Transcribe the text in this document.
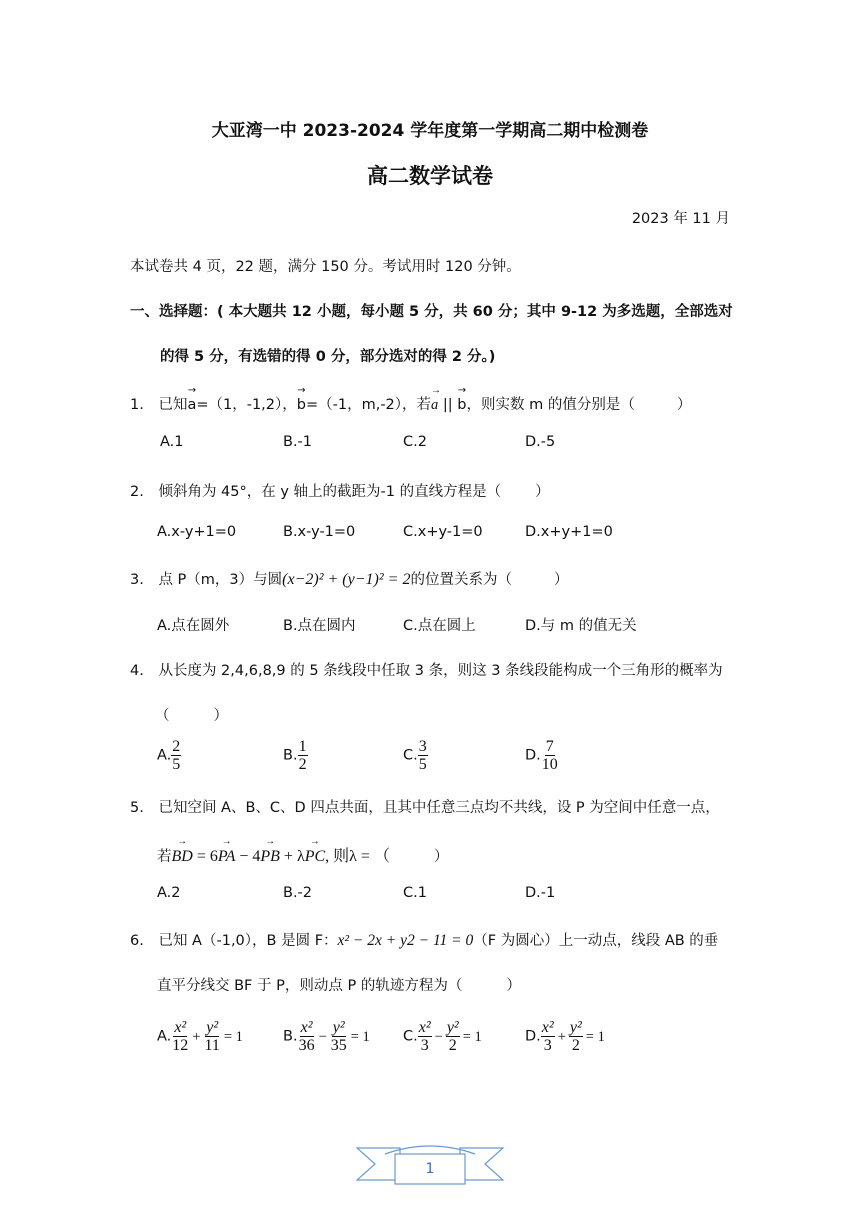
大亚湾一中 2023-2024 学年度第一学期高二期中检测卷
高二数学试卷
2023 年 11 月
本试卷共 4 页，22 题，满分 150 分。考试用时 120 分钟。
一、选择题：( 本大题共 12 小题，每小题 5 分，共 60 分；其中 9-12 为多选题，全部选对
的得 5 分，有选错的得 0 分，部分选对的得 2 分。)
1. 已知→ a=（1，-1,2），→ b=（-1，m,-2），若→ a || → b，则实数 m 的值分别是（	）
A.1	B.-1	C.2	D.-5
2. 倾斜角为 45°，在 y 轴上的截距为-1 的直线方程是（ ）
A.x-y+1=0	B.x-y-1=0	C.x+y-1=0	D.x+y+1=0
3. 点 P（m，3）与圆(x−2)² + (y−1)² = 2的位置关系为（	）
A.点在圆外	B.点在圆内	C.点在圆上	D.与 m 的值无关
4. 从长度为 2,4,6,8,9 的 5 条线段中任取 3 条，则这 3 条线段能构成一个三角形的概率为
（	）
A. $\frac{2}{5}$	B. $\frac{1}{2}$	C. $\frac{3}{5}$	D. $\frac{7}{10}$
5. 已知空间 A、B、C、D 四点共面，且其中任意三点均不共线，设 P 为空间中任意一点，
若→ BD = 6→ PA − 4→ PB + λ→ PC, 则λ = （	）
A.2	B.-2	C.1	D.-1
6. 已知 A（-1,0），B 是圆 F：x² − 2x + y2 − 11 = 0（F 为圆心）上一动点，线段 AB 的垂
直平分线交 BF 于 P，则动点 P 的轨迹方程为（	）
A. $\frac{\text{x²}}{12} + \frac{\text{y²}}{11} = 1$	B. $\frac{\text{x²}}{36} - \frac{\text{y²}}{35} = 1$ C. $\frac{\text{x²}}{3} - \frac{\text{y²}}{2} = 1$	D. $\frac{\text{x²}}{3} + \frac{\text{y²}}{2} = 1$
1
